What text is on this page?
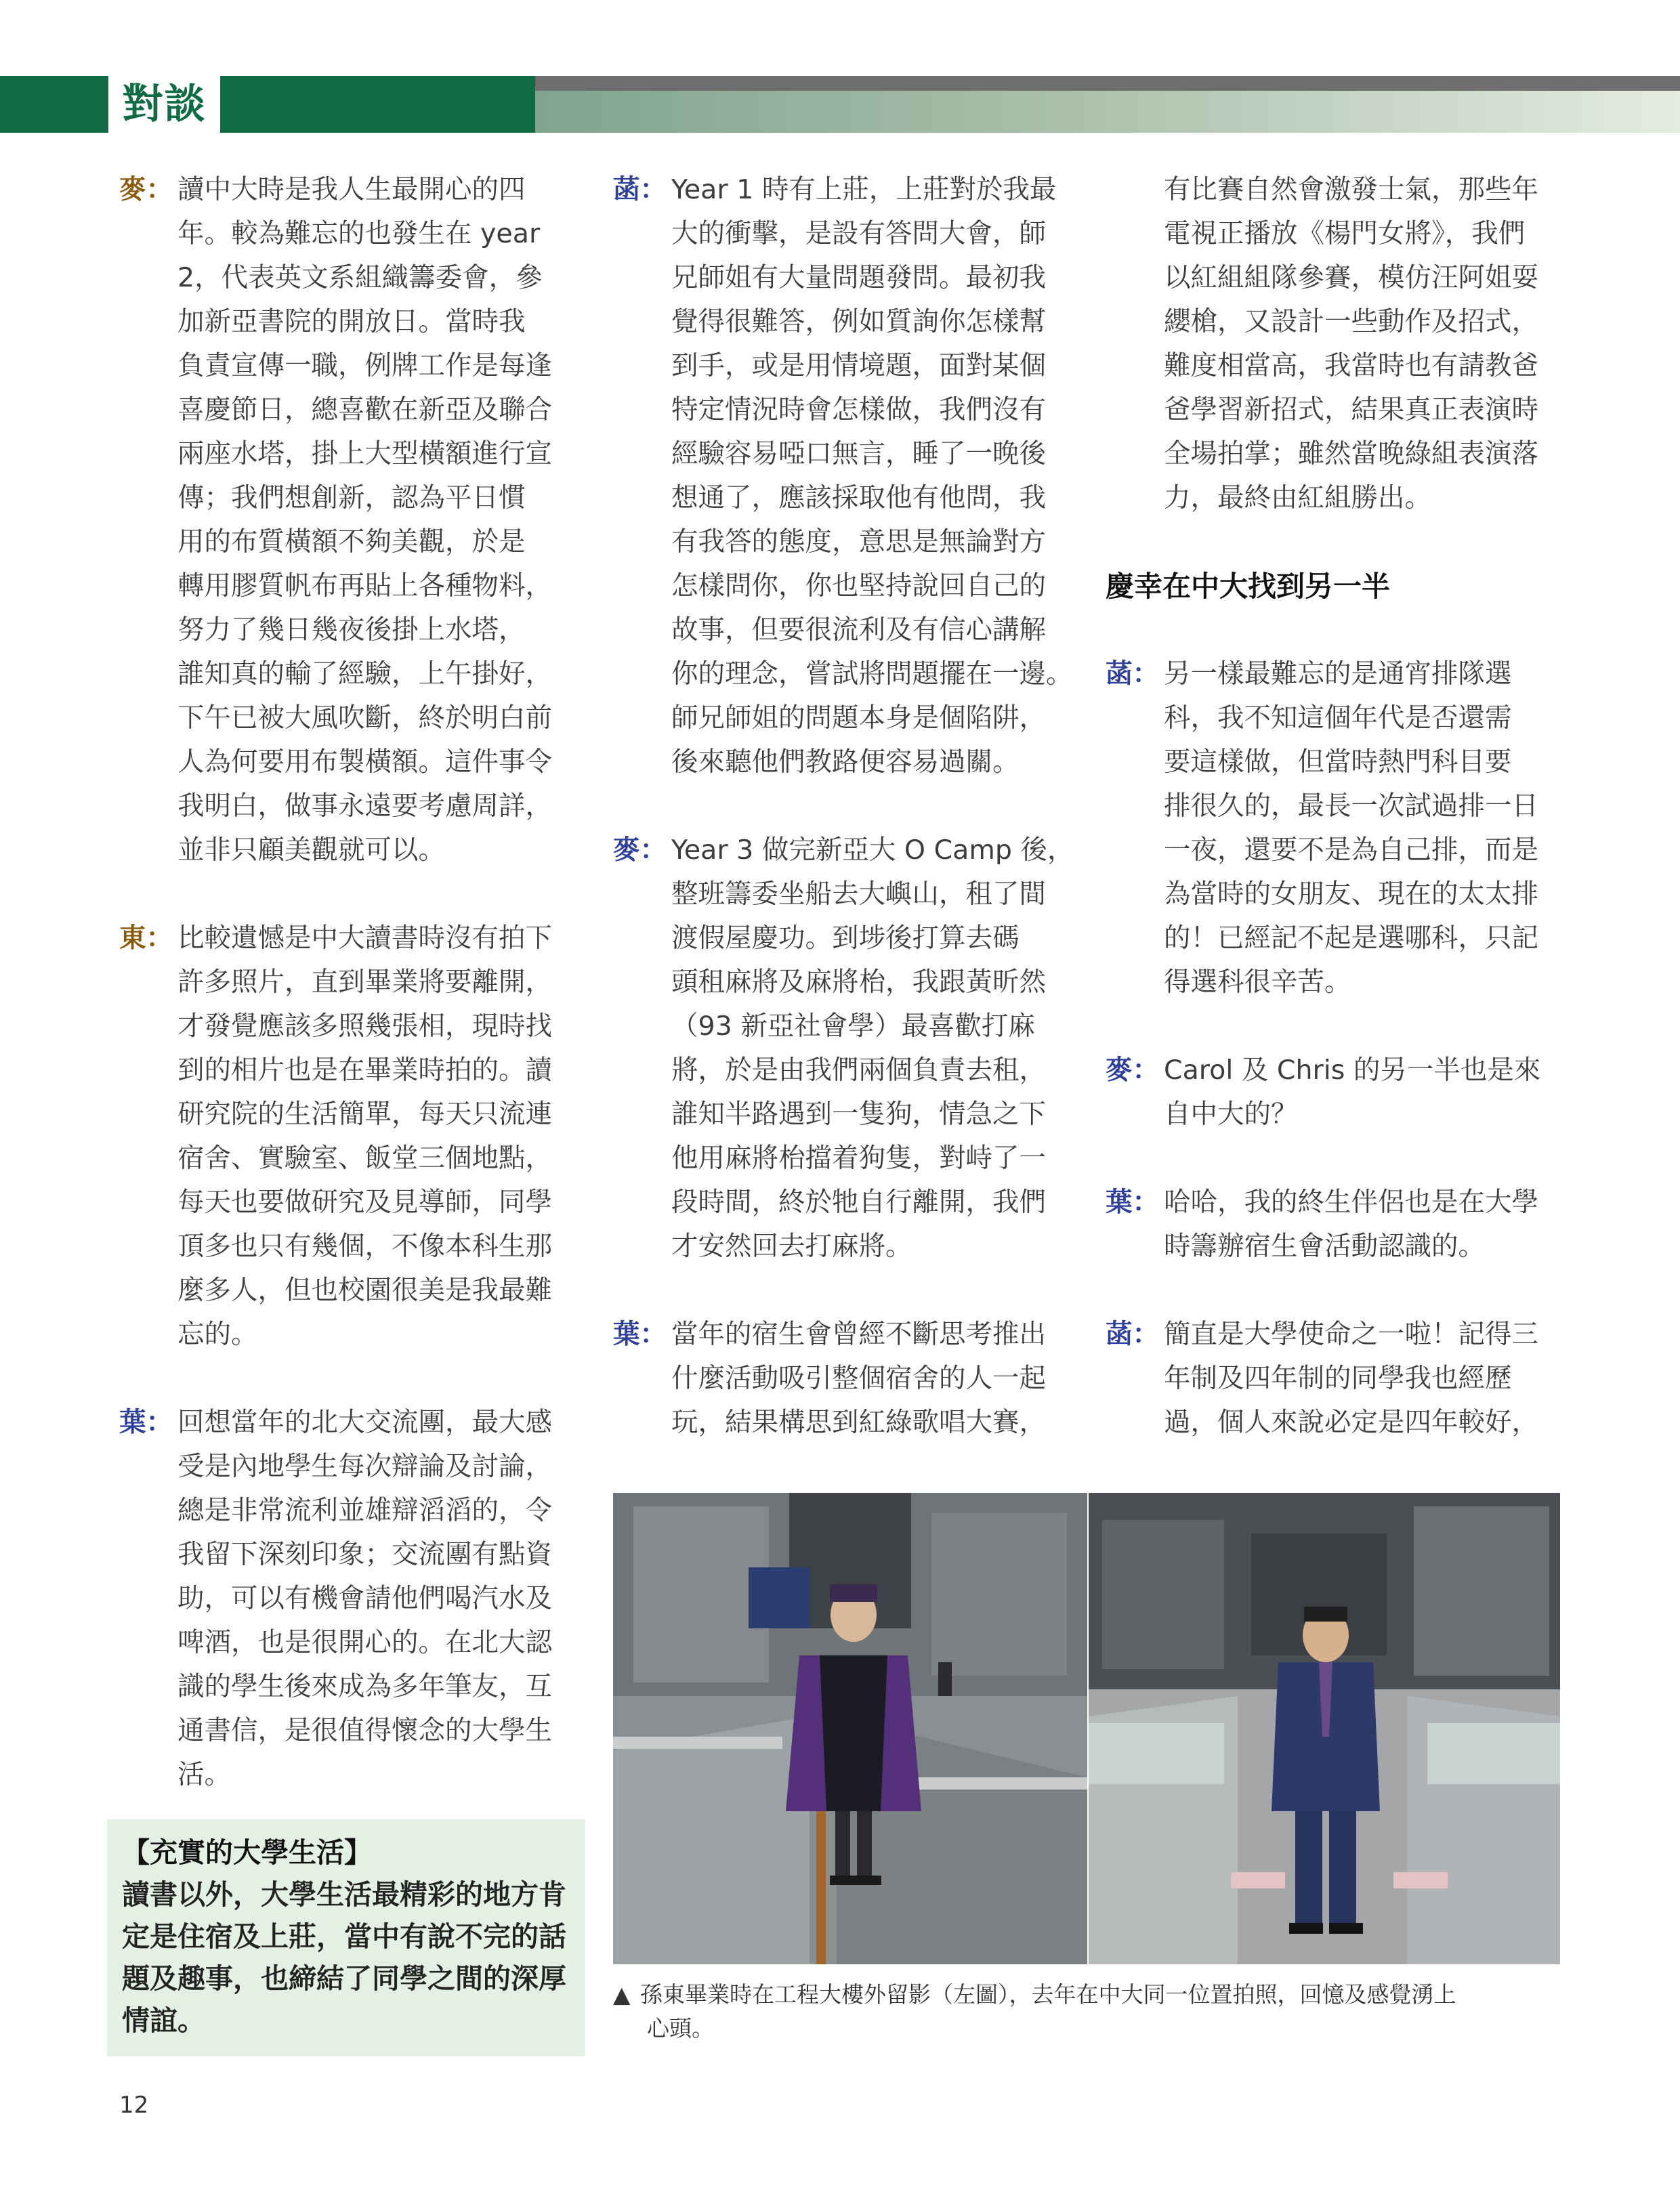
對談
麥： 讀中大時是我人生最開心的四
年。較為難忘的也發生在 year
2，代表英文系組織籌委會，參
加新亞書院的開放日。當時我
負責宣傳一職，例牌工作是每逢
喜慶節日，總喜歡在新亞及聯合
兩座水塔，掛上大型橫額進行宣
傳；我們想創新，認為平日慣
用的布質橫額不夠美觀，於是
轉用膠質帆布再貼上各種物料，
努力了幾日幾夜後掛上水塔，
誰知真的輸了經驗，上午掛好，
下午已被大風吹斷，終於明白前
人為何要用布製橫額。這件事令
我明白，做事永遠要考慮周詳，
並非只顧美觀就可以。
東： 比較遺憾是中大讀書時沒有拍下
許多照片，直到畢業將要離開，
才發覺應該多照幾張相，現時找
到的相片也是在畢業時拍的。讀
研究院的生活簡單，每天只流連
宿舍、實驗室、飯堂三個地點，
每天也要做研究及見導師，同學
頂多也只有幾個，不像本科生那
麼多人，但也校園很美是我最難
忘的。
葉： 回想當年的北大交流團，最大感
受是內地學生每次辯論及討論，
總是非常流利並雄辯滔滔的，令
我留下深刻印象；交流團有點資
助，可以有機會請他們喝汽水及
啤酒，也是很開心的。在北大認
識的學生後來成為多年筆友，互
通書信，是很值得懷念的大學生
活。
菡： Year 1 時有上莊，上莊對於我最
大的衝擊，是設有答問大會，師
兄師姐有大量問題發問。最初我
覺得很難答，例如質詢你怎樣幫
到手，或是用情境題，面對某個
特定情況時會怎樣做，我們沒有
經驗容易啞口無言，睡了一晚後
想通了，應該採取他有他問，我
有我答的態度，意思是無論對方
怎樣問你，你也堅持說回自己的
故事，但要很流利及有信心講解
你的理念，嘗試將問題擺在一邊。
師兄師姐的問題本身是個陷阱，
後來聽他們教路便容易過關。
麥： Year 3 做完新亞大 O Camp 後，
整班籌委坐船去大嶼山，租了間
渡假屋慶功。到埗後打算去碼
頭租麻將及麻將枱，我跟黃昕然
（93 新亞社會學）最喜歡打麻
將，於是由我們兩個負責去租，
誰知半路遇到一隻狗，情急之下
他用麻將枱擋着狗隻，對峙了一
段時間，終於牠自行離開，我們
才安然回去打麻將。
葉： 當年的宿生會曾經不斷思考推出
什麼活動吸引整個宿舍的人一起
玩，結果構思到紅綠歌唱大賽，
有比賽自然會激發士氣，那些年
電視正播放《楊門女將》，我們
以紅組組隊參賽，模仿汪阿姐耍
纓槍，又設計一些動作及招式，
難度相當高，我當時也有請教爸
爸學習新招式，結果真正表演時
全場拍掌；雖然當晚綠組表演落
力，最終由紅組勝出。
慶幸在中大找到另一半
菡： 另一樣最難忘的是通宵排隊選
科，我不知這個年代是否還需
要這樣做，但當時熱門科目要
排很久的，最長一次試過排一日
一夜，還要不是為自己排，而是
為當時的女朋友、現在的太太排
的！已經記不起是選哪科，只記
得選科很辛苦。
麥： Carol 及 Chris 的另一半也是來
自中大的？
葉： 哈哈，我的終生伴侶也是在大學
時籌辦宿生會活動認識的。
菡： 簡直是大學使命之一啦！記得三
年制及四年制的同學我也經歷
過，個人來說必定是四年較好，
【充實的大學生活】
讀書以外，大學生活最精彩的地方肯
定是住宿及上莊，當中有說不完的話
題及趣事，也締結了同學之間的深厚
情誼。
▲ 孫東畢業時在工程大樓外留影（左圖），去年在中大同一位置拍照，回憶及感覺湧上
心頭。
12
